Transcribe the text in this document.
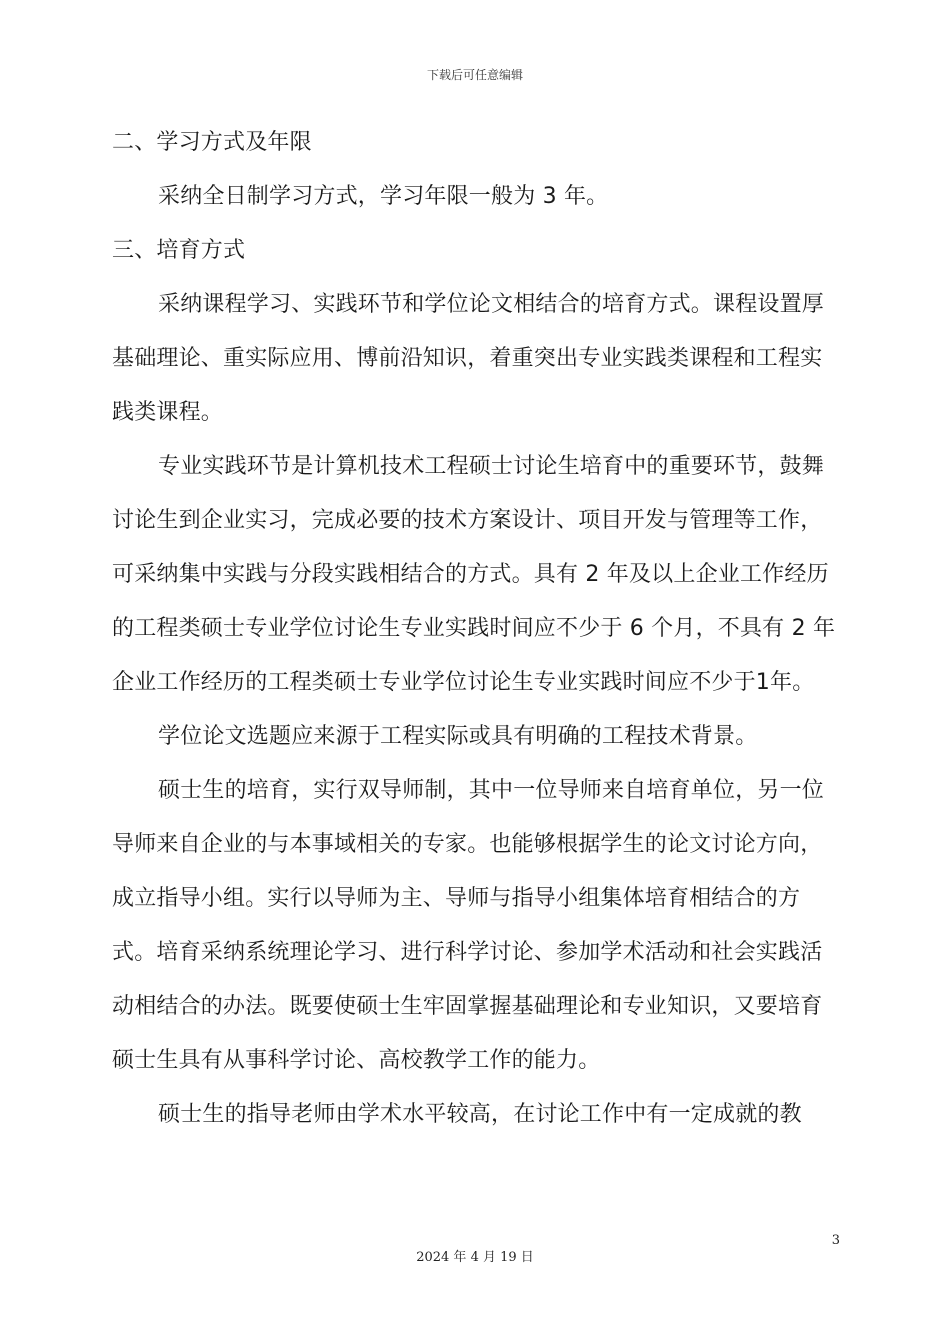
下载后可任意编辑

二、学习方式及年限

采纳全日制学习方式，学习年限一般为 3 年。

三、培育方式

采纳课程学习、实践环节和学位论文相结合的培育方式。课程设置厚基础理论、重实际应用、博前沿知识，着重突出专业实践类课程和工程实践类课程。

专业实践环节是计算机技术工程硕士讨论生培育中的重要环节，鼓舞讨论生到企业实习，完成必要的技术方案设计、项目开发与管理等工作，可采纳集中实践与分段实践相结合的方式。具有 2 年及以上企业工作经历的工程类硕士专业学位讨论生专业实践时间应不少于 6 个月，不具有 2 年企业工作经历的工程类硕士专业学位讨论生专业实践时间应不少于1年。

学位论文选题应来源于工程实际或具有明确的工程技术背景。

硕士生的培育，实行双导师制，其中一位导师来自培育单位，另一位导师来自企业的与本事域相关的专家。也能够根据学生的论文讨论方向，成立指导小组。实行以导师为主、导师与指导小组集体培育相结合的方式。培育采纳系统理论学习、进行科学讨论、参加学术活动和社会实践活动相结合的办法。既要使硕士生牢固掌握基础理论和专业知识，又要培育硕士生具有从事科学讨论、高校教学工作的能力。

硕士生的指导老师由学术水平较高，在讨论工作中有一定成就的教

3
2024 年 4 月 19 日
